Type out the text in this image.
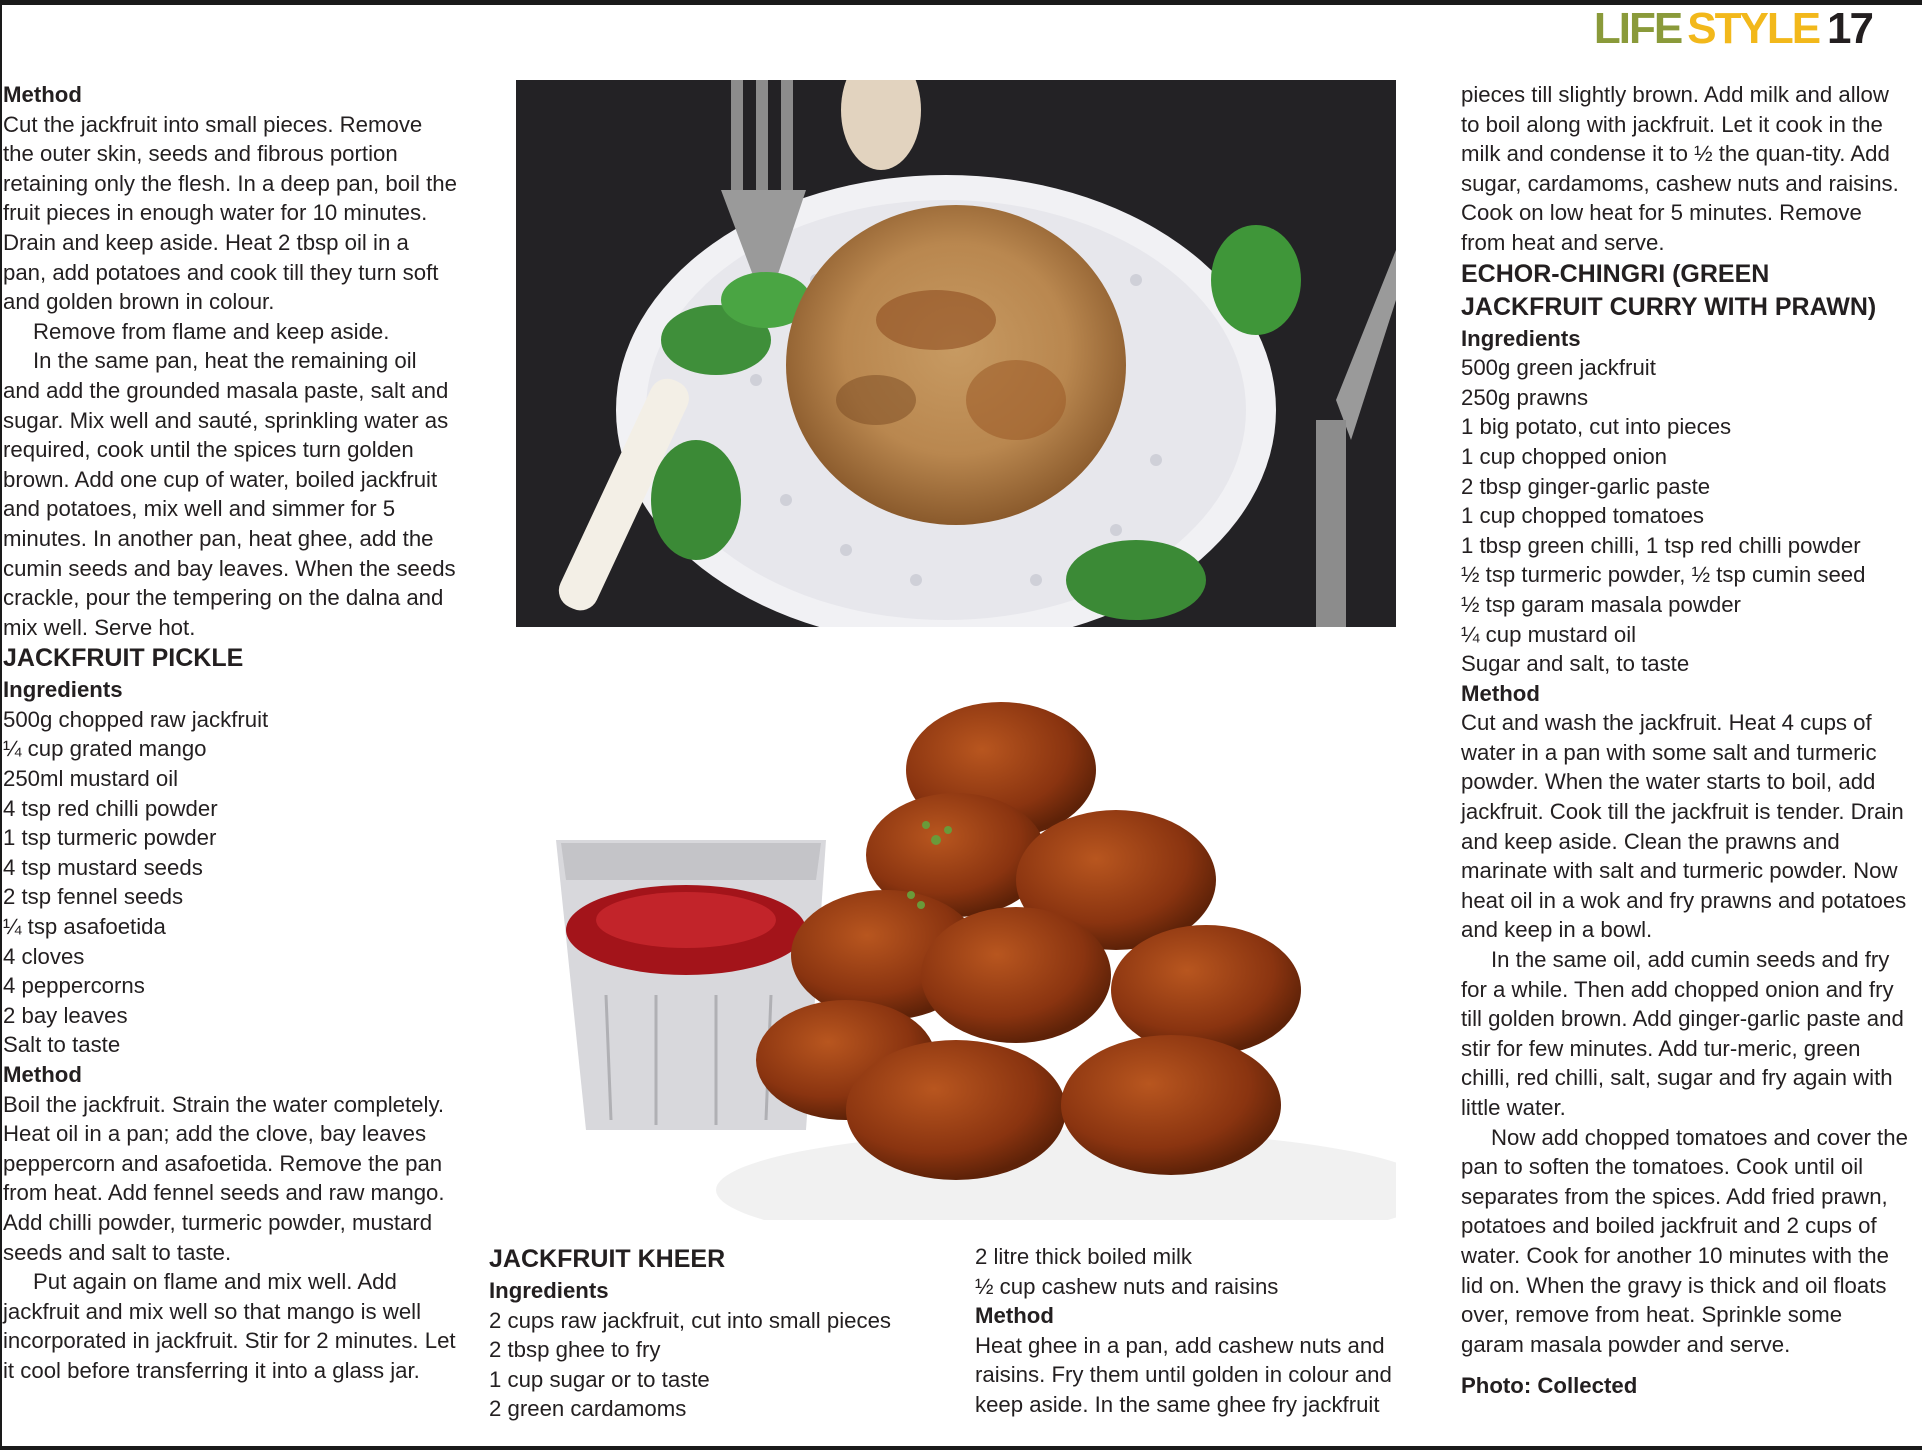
LIFE STYLE 17

Method

Cut the jackfruit into small pieces. Remove the outer skin, seeds and fibrous portion retaining only the flesh. In a deep pan, boil the fruit pieces in enough water for 10 minutes. Drain and keep aside. Heat 2 tbsp oil in a pan, add potatoes and cook till they turn soft and golden brown in colour.

Remove from flame and keep aside.

In the same pan, heat the remaining oil and add the grounded masala paste, salt and sugar. Mix well and sauté, sprinkling water as required, cook until the spices turn golden brown. Add one cup of water, boiled jackfruit and potatoes, mix well and simmer for 5 minutes. In another pan, heat ghee, add the cumin seeds and bay leaves. When the seeds crackle, pour the tempering on the dalna and mix well. Serve hot.

JACKFRUIT PICKLE

Ingredients

500g chopped raw jackfruit

¼ cup grated mango

250ml mustard oil

4 tsp red chilli powder

1 tsp turmeric powder

4 tsp mustard seeds

2 tsp fennel seeds

¼ tsp asafoetida

4 cloves

4 peppercorns

2 bay leaves

Salt to taste

Method

Boil the jackfruit. Strain the water completely. Heat oil in a pan; add the clove, bay leaves peppercorn and asafoetida. Remove the pan from heat. Add fennel seeds and raw mango. Add chilli powder, turmeric powder, mustard seeds and salt to taste.

Put again on flame and mix well. Add jackfruit and mix well so that mango is well incorporated in jackfruit. Stir for 2 minutes. Let it cool before transferring it into a glass jar.

JACKFRUIT KHEER

Ingredients

2 cups raw jackfruit, cut into small pieces

2 tbsp ghee to fry

1 cup sugar or to taste

2 green cardamoms

2 litre thick boiled milk

½ cup cashew nuts and raisins

Method

Heat ghee in a pan, add cashew nuts and raisins. Fry them until golden in colour and keep aside. In the same ghee fry jackfruit

pieces till slightly brown. Add milk and allow to boil along with jackfruit. Let it cook in the milk and condense it to ½ the quan-tity. Add sugar, cardamoms, cashew nuts and raisins. Cook on low heat for 5 minutes. Remove from heat and serve.

ECHOR-CHINGRI (GREEN JACKFRUIT CURRY WITH PRAWN)

Ingredients

500g green jackfruit

250g prawns

1 big potato, cut into pieces

1 cup chopped onion

2 tbsp ginger-garlic paste

1 cup chopped tomatoes

1 tbsp green chilli, 1 tsp red chilli powder

½ tsp turmeric powder, ½ tsp cumin seed

½ tsp garam masala powder

¼ cup mustard oil

Sugar and salt, to taste

Method

Cut and wash the jackfruit. Heat 4 cups of water in a pan with some salt and turmeric powder. When the water starts to boil, add jackfruit. Cook till the jackfruit is tender. Drain and keep aside. Clean the prawns and marinate with salt and turmeric powder. Now heat oil in a wok and fry prawns and potatoes and keep in a bowl.

In the same oil, add cumin seeds and fry for a while. Then add chopped onion and fry till golden brown. Add ginger-garlic paste and stir for few minutes. Add tur-meric, green chilli, red chilli, salt, sugar and fry again with little water.

Now add chopped tomatoes and cover the pan to soften the tomatoes. Cook until oil separates from the spices. Add fried prawn, potatoes and boiled jackfruit and 2 cups of water. Cook for another 10 minutes with the lid on. When the gravy is thick and oil floats over, remove from heat. Sprinkle some garam masala powder and serve.

Photo: Collected
